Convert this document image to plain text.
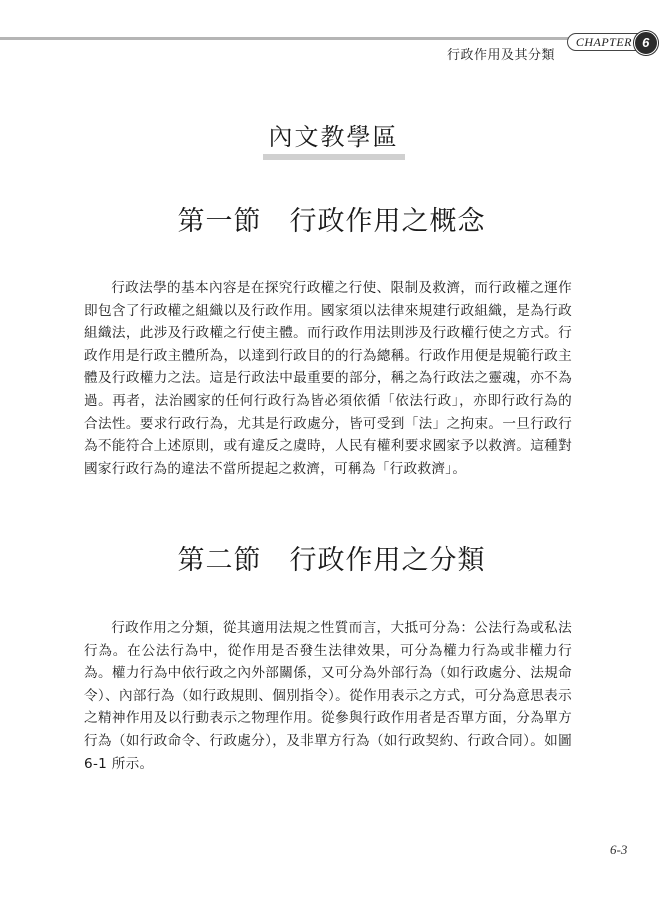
CHAPTER 6
行政作用及其分類
內文教學區
第一節　行政作用之概念

行政法學的基本內容是在探究行政權之行使、限制及救濟，而行政權之運作即包含了行政權之組織以及行政作用。國家須以法律來規建行政組織，是為行政組織法，此涉及行政權之行使主體。而行政作用法則涉及行政權行使之方式。行政作用是行政主體所為，以達到行政目的的行為總稱。行政作用便是規範行政主體及行政權力之法。這是行政法中最重要的部分，稱之為行政法之靈魂，亦不為過。再者，法治國家的任何行政行為皆必須依循「依法行政」，亦即行政行為的合法性。要求行政行為，尤其是行政處分，皆可受到「法」之拘束。一旦行政行為不能符合上述原則，或有違反之虞時，人民有權利要求國家予以救濟。這種對國家行政行為的違法不當所提起之救濟，可稱為「行政救濟」。

第二節　行政作用之分類

行政作用之分類，從其適用法規之性質而言，大抵可分為：公法行為或私法行為。在公法行為中，從作用是否發生法律效果，可分為權力行為或非權力行為。權力行為中依行政之內外部關係，又可分為外部行為（如行政處分、法規命令）、內部行為（如行政規則、個別指令）。從作用表示之方式，可分為意思表示之精神作用及以行動表示之物理作用。從參與行政作用者是否單方面，分為單方行為（如行政命令、行政處分），及非單方行為（如行政契約、行政合同）。如圖 6-1 所示。

6-3
